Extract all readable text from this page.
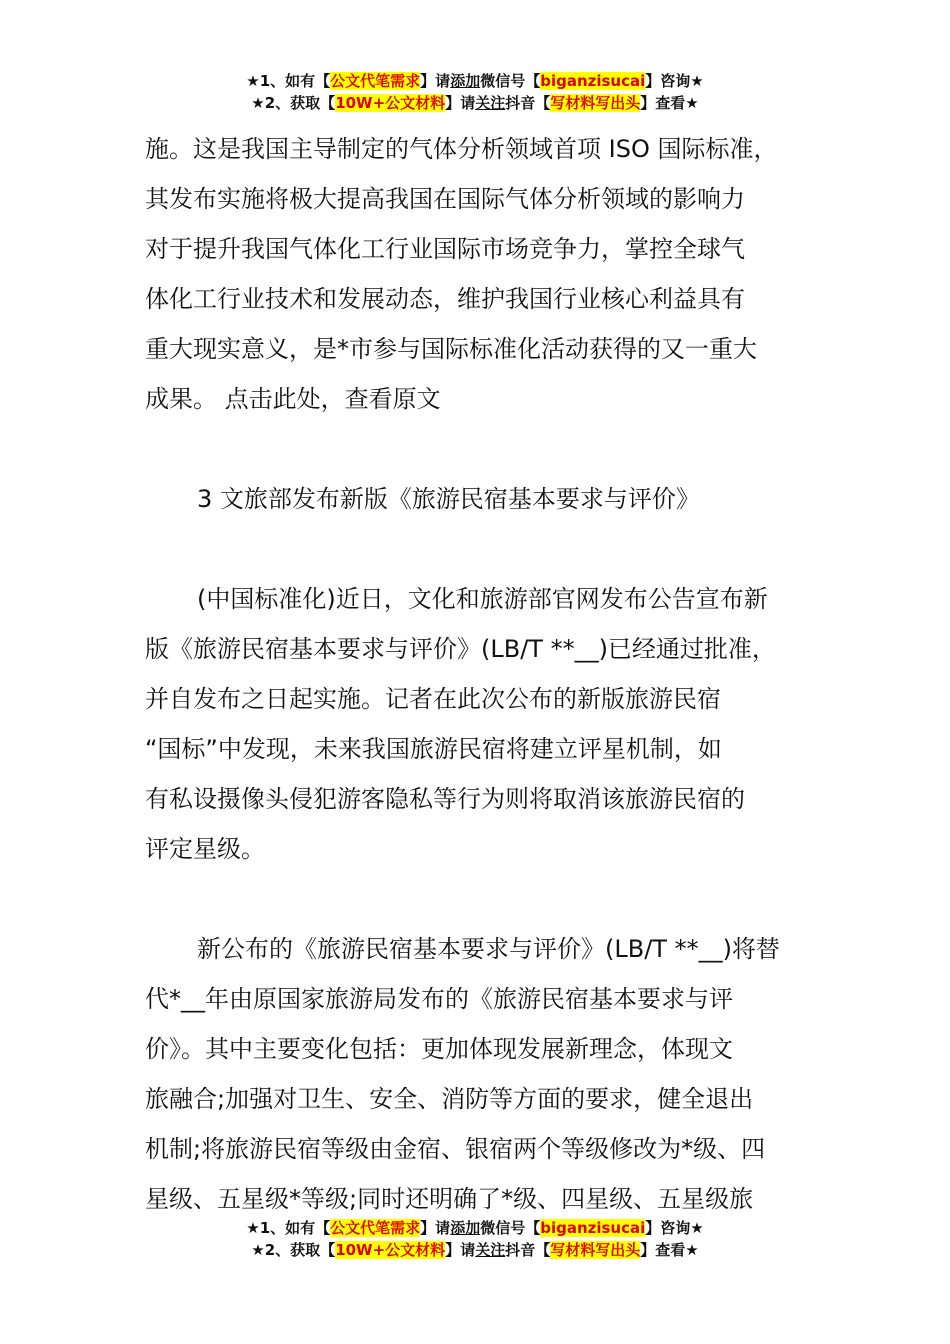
★1、如有【公文代笔需求】请添加微信号【biganzisucai】咨询★
★2、获取【10W+公文材料】请关注抖音【写材料写出头】查看★
施。这是我国主导制定的气体分析领域首项 ISO 国际标准，
其发布实施将极大提高我国在国际气体分析领域的影响力
对于提升我国气体化工行业国际市场竞争力，掌控全球气
体化工行业技术和发展动态，维护我国行业核心利益具有
重大现实意义，是*市参与国际标准化活动获得的又一重大
成果。 点击此处，查看原文
3 文旅部发布新版《旅游民宿基本要求与评价》
(中国标准化)近日，文化和旅游部官网发布公告宣布新
版《旅游民宿基本要求与评价》(LB/T **__)已经通过批准，
并自发布之日起实施。记者在此次公布的新版旅游民宿
“国标”中发现，未来我国旅游民宿将建立评星机制，如
有私设摄像头侵犯游客隐私等行为则将取消该旅游民宿的
评定星级。
新公布的《旅游民宿基本要求与评价》(LB/T **__)将替
代*__年由原国家旅游局发布的《旅游民宿基本要求与评
价》。其中主要变化包括：更加体现发展新理念，体现文
旅融合;加强对卫生、安全、消防等方面的要求，健全退出
机制;将旅游民宿等级由金宿、银宿两个等级修改为*级、四
星级、五星级*等级;同时还明确了*级、四星级、五星级旅
★1、如有【公文代笔需求】请添加微信号【biganzisucai】咨询★
★2、获取【10W+公文材料】请关注抖音【写材料写出头】查看★
